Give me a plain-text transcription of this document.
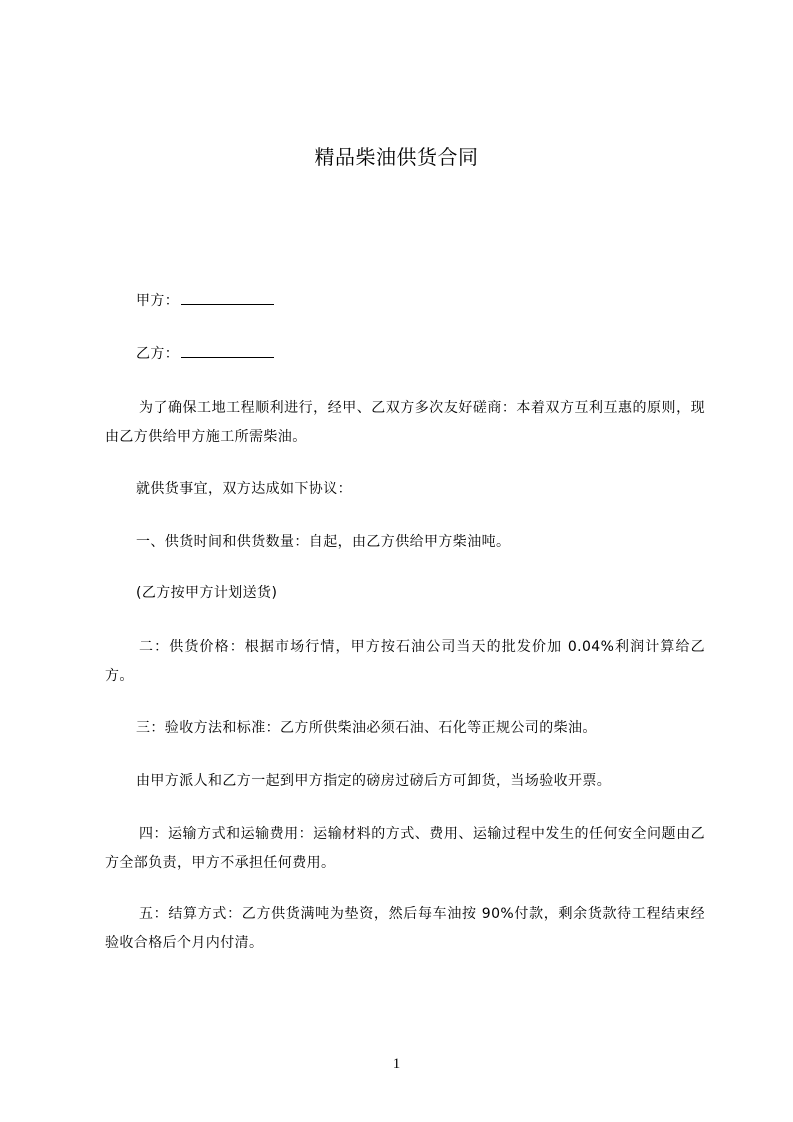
精品柴油供货合同
甲方：
乙方：
为了确保工地工程顺利进行，经甲、乙双方多次友好磋商：本着双方互利互惠的原则，现由乙方供给甲方施工所需柴油。
就供货事宜，双方达成如下协议：
一、供货时间和供货数量：自起，由乙方供给甲方柴油吨。
(乙方按甲方计划送货)
二：供货价格：根据市场行情，甲方按石油公司当天的批发价加 0.04%利润计算给乙方。
三：验收方法和标准：乙方所供柴油必须石油、石化等正规公司的柴油。
由甲方派人和乙方一起到甲方指定的磅房过磅后方可卸货，当场验收开票。
四：运输方式和运输费用：运输材料的方式、费用、运输过程中发生的任何安全问题由乙方全部负责，甲方不承担任何费用。
五：结算方式：乙方供货满吨为垫资，然后每车油按 90%付款，剩余货款待工程结束经验收合格后个月内付清。
1
